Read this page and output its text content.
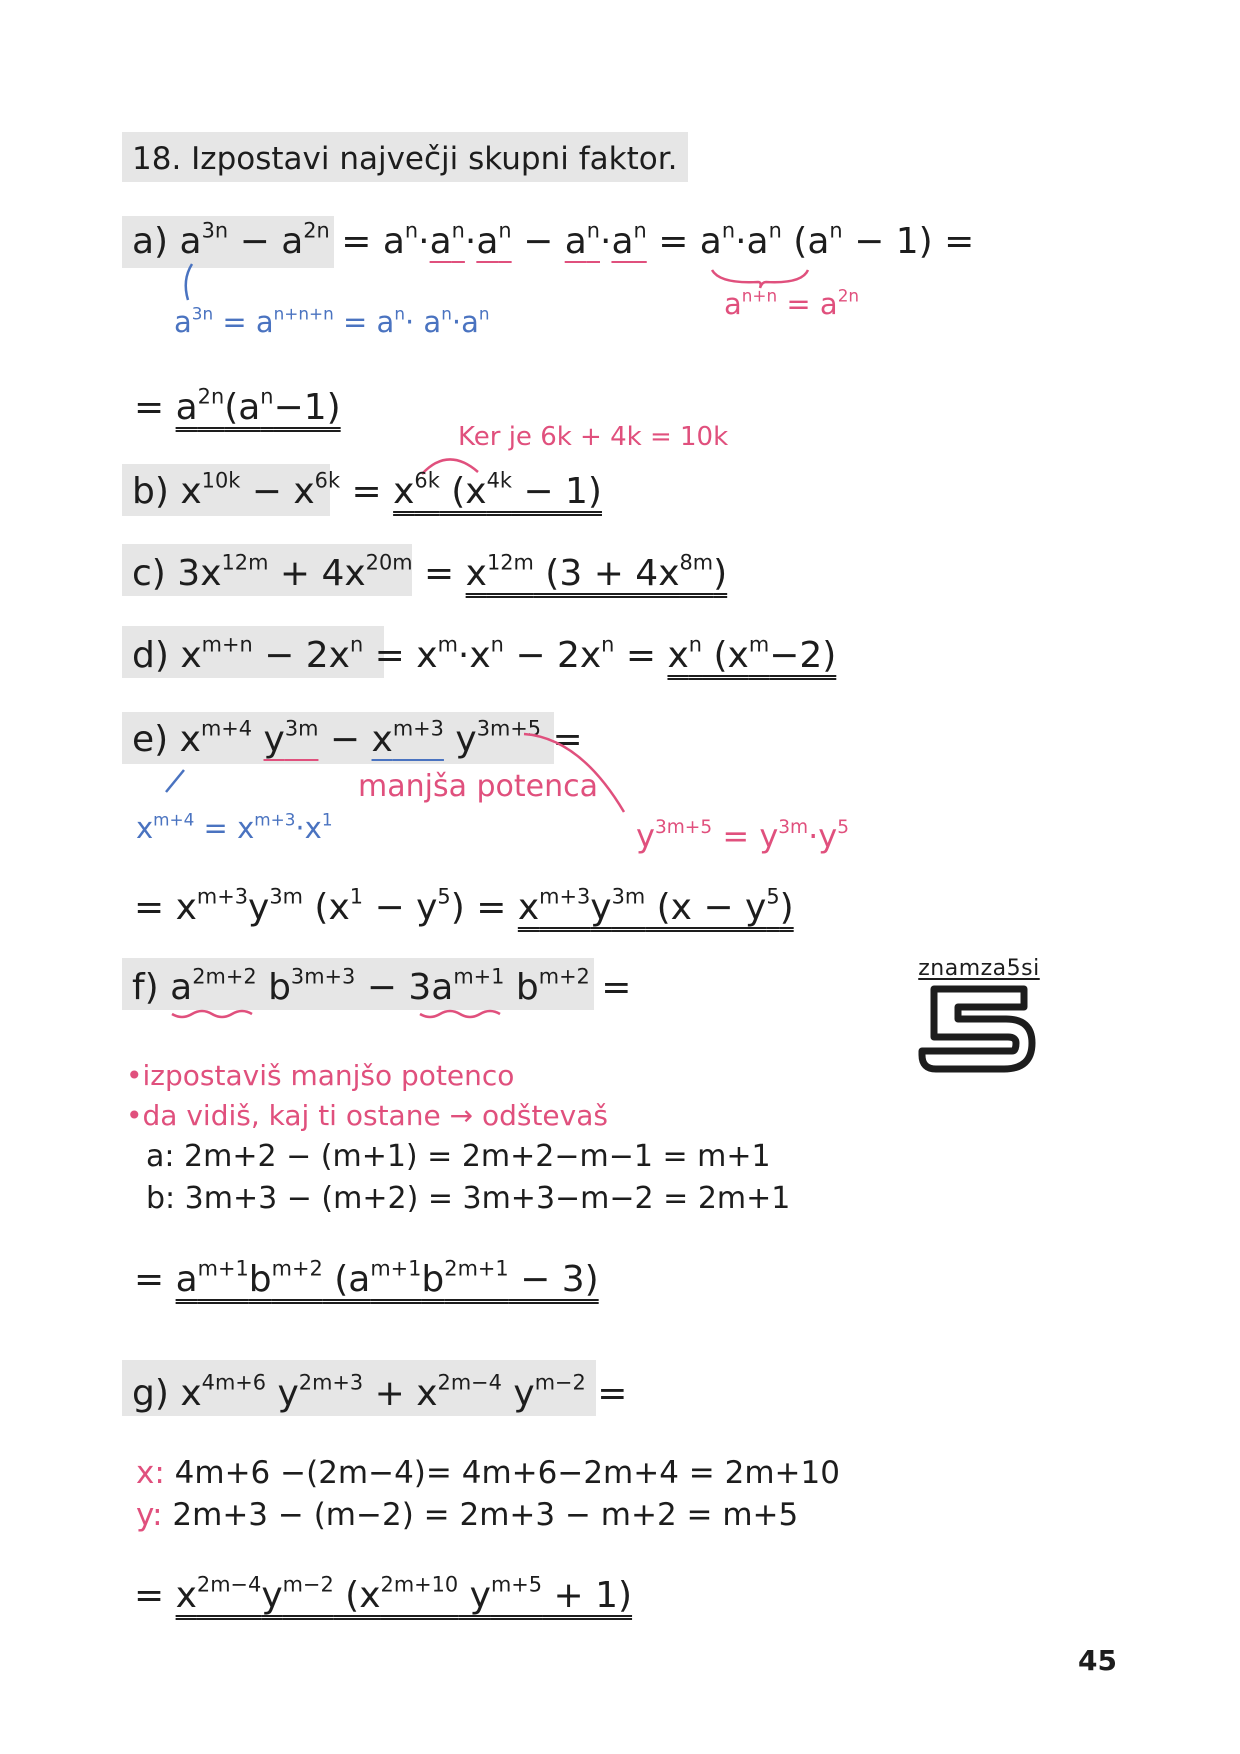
18. Izpostavi največji skupni faktor.
a) $a^{3n} - a^{2n} = a^n\cdot a^n\cdot a^n - a^n\cdot a^n = a^n\cdot a^n$ $(a^n - 1)$ =
$a^{3n} = a^{n+n+n} = a^n\cdot a^n\cdot a^n$	$a^{n+n} = a^{2n}$
= $a^{2n}(a^n-1)$
Ker je 6k + 4k = 10k
b) $x^{10k} - x^{6k} = x^{6k}$ $(x^{4k} - 1)$
c) $3x^{12m} + 4x^{20m} = x^{12m}$ $(3 + 4x^{8m})$
d) $x^{m+n} - 2x^n = x^m\cdot x^n - 2x^n = x^n$ $(x^m-2)$
e) $x^{m+4}$ $y^{3m} - x^{m+3}$ $y^{3m+5}$ =
manjša potenca
$x^{m+4} = x^{m+3}\cdot x^1$	$y^{3m+5} = y^{3m}\cdot y^5$
= $x^{m+3}y^{3m}$ $(x^1 - y^5) = x^{m+3}y^{3m}$ $(x - y^5)$
f) $a^{2m+2}$ $b^{3m+3} - 3a^{m+1}$ $b^{m+2}$ =
•izpostaviš manjšo potenco
•da vidiš, kaj ti ostane → odštevaš
a: 2m+2 − (m+1) = 2m+2−m−1 = m+1
b: 3m+3 − (m+2) = 3m+3−m−2 = 2m+1
= $a^{m+1}b^{m+2}$ $(a^{m+1}b^{2m+1} - 3)$
znamza5si
g) $x^{4m+6}$ $y^{2m+3} + x^{2m-4}$ $y^{m-2}$ =
x: 4m+6 −(2m−4)= 4m+6−2m+4 = 2m+10
y: 2m+3 − (m−2) = 2m+3 − m+2 = m+5
= $x^{2m-4}y^{m-2}$ ($x^{2m+10}$ $y^{m+5} + 1$)
45
